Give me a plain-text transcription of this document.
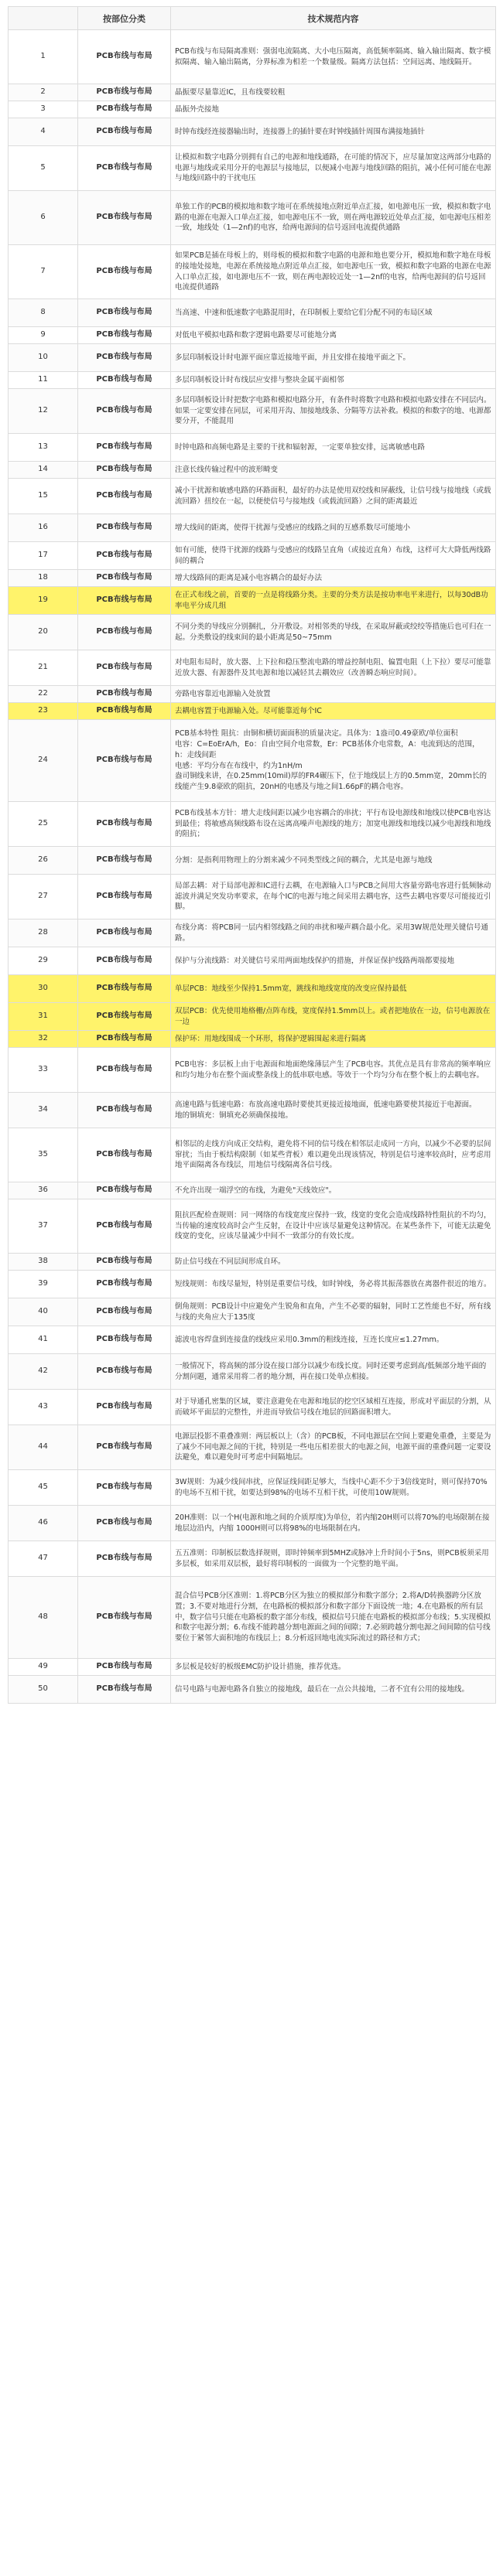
	按部位分类	技术规范内容
1	PCB布线与布局	PCB布线与布局隔离准则：强弱电流隔离、大小电压隔离，高低频率隔离、输入输出隔离、数字模拟隔离、输入输出隔离，分界标准为相差一个数量级。隔离方法包括：空间远离、地线隔开。
2	PCB布线与布局	晶振要尽量靠近IC，且布线要较粗
3	PCB布线与布局	晶振外壳接地
4	PCB布线与布局	时钟布线经连接器输出时，连接器上的插针要在时钟线插针周围布满接地插针
5	PCB布线与布局	让模拟和数字电路分别拥有自己的电源和地线通路，在可能的情况下，应尽量加宽这两部分电路的电源与地线或采用分开的电源层与接地层，以便减小电源与地线回路的阻抗，减小任何可能在电源与地线回路中的干扰电压
6	PCB布线与布局	单独工作的PCB的模拟地和数字地可在系统接地点附近单点汇接，如电源电压一致，模拟和数字电路的电源在电源入口单点汇接，如电源电压不一致，则在两电源较近处单点汇接，如电源电压相差一致，地线处（1—2nf)的电容，给两电源间的信号返回电流提供通路
7	PCB布线与布局	如果PCB是插在母板上的，则母板的模拟和数字电路的电源和地也要分开，模拟地和数字地在母板的接地处接地，电源在系统接地点附近单点汇接，如电源电压一致，模拟和数字电路的电源在电源入口单点汇接，如电源电压不一致，则在两电源较近处一1—2nf的电容，给两电源间的信号返回电流提供通路
8	PCB布线与布局	当高速、中速和低速数字电路混用时，在印制板上要给它们分配不同的布局区域
9	PCB布线与布局	对低电平模拟电路和数字逻辑电路要尽可能地分离
10	PCB布线与布局	多层印制板设计时电源平面应靠近接地平面，并且安排在接地平面之下。
11	PCB布线与布局	多层印制板设计时布线层应安排与整块金属平面相邻
12	PCB布线与布局	多层印制板设计时把数字电路和模拟电路分开，有条件时将数字电路和模拟电路安排在不同层内。如果一定要安排在同层，可采用开沟、加接地线条、分隔等方法补救。模拟的和数字的地、电源都要分开，不能混用
13	PCB布线与布局	时钟电路和高频电路是主要的干扰和辐射源，一定要单独安排，远离敏感电路
14	PCB布线与布局	注意长线传输过程中的波形畸变
15	PCB布线与布局	减小干扰源和敏感电路的环路面积，最好的办法是使用双绞线和屏蔽线，让信号线与接地线（或载流回路）扭绞在一起，以便使信号与接地线（或载流回路）之间的距离最近
16	PCB布线与布局	增大线间的距离，使得干扰源与受感应的线路之间的互感系数尽可能地小
17	PCB布线与布局	如有可能，使得干扰源的线路与受感应的线路呈直角（或接近直角）布线，这样可大大降低两线路间的耦合
18	PCB布线与布局	增大线路间的距离是减小电容耦合的最好办法
19	PCB布线与布局	在正式布线之前，首要的一点是将线路分类。主要的分类方法是按功率电平来进行，以每30dB功率电平分成几组
20	PCB布线与布局	不同分类的导线应分别捆扎，分开敷设。对相邻类的导线，在采取屏蔽或绞绞等措施后也可归在一起。分类敷设的线束间的最小距离是50~75mm
21	PCB布线与布局	对电阻布局时，放大器、上下拉和稳压整流电路的增益控制电阻、偏置电阻（上下拉）要尽可能靠近放大器、有源器件及其电源和地以减轻其去耦效应（改善瞬态响应时间）。
22	PCB布线与布局	旁路电容靠近电源输入处放置
23	PCB布线与布局	去耦电容置于电源输入处。尽可能靠近每个IC
24	PCB布线与布局	PCB基本特性 阻抗：由铜和横切面面积的质量决定。具体为：1盎司0.49豪欧/单位面积
电容：C=EoErA/h，Eo：自由空间介电常数，Er：PCB基体介电常数，A：电流到达的范围，h：走线间距
电感：平均分布在布线中，约为1nH/m
盎司铜线来讲，在0.25mm(10mil)厚的FR4碾压下，位于地线层上方的0.5mm宽，20mm长的线能产生9.8豪欧的阻抗，20nH的电感及与地之间1.66pF的耦合电容。
25	PCB布线与布局	PCB布线基本方针：增大走线间距以减少电容耦合的串扰；平行布设电源线和地线以使PCB电容达到最佳；将敏感高频线路布设在远离高噪声电源线的地方；加宽电源线和地线以减少电源线和地线的阻抗；
26	PCB布线与布局	分割：是指利用物理上的分割来减少不同类型线之间的耦合，尤其是电源与地线
27	PCB布线与布局	局部去耦：对于局部电源和IC进行去耦，在电源输入口与PCB之间用大容量旁路电容进行低频脉动滤波并满足突发功率要求，在每个IC的电源与地之间采用去耦电容，这些去耦电容要尽可能接近引脚。
28	PCB布线与布局	布线分离：将PCB同一层内相邻线路之间的串扰和噪声耦合最小化。采用3W规范处理关键信号通路。
29	PCB布线与布局	保护与分流线路：对关键信号采用两面地线保护的措施，并保证保护线路两端都要接地
30	PCB布线与布局	单层PCB：地线至少保持1.5mm宽，跳线和地线宽度的改变应保持最低
31	PCB布线与布局	双层PCB：优先使用地格栅/点阵布线，宽度保持1.5mm以上。或者把地放在一边，信号电源放在一边
32	PCB布线与布局	保护环：用地线围成一个环形，将保护逻辑围起来进行隔离
33	PCB布线与布局	PCB电容：多层板上由于电源面和地面绝缘薄层产生了PCB电容。其优点是具有非常高的频率响应和均匀地分布在整个面或整条线上的低串联电感。等效于一个均匀分布在整个板上的去耦电容。
34	PCB布线与布局	高速电路与低速电路：布放高速电路时要使其更接近接地面，低速电路要使其接近于电源面。
地的铜填充：铜填充必须确保接地。
35	PCB布线与布局	相邻层的走线方向成正交结构，避免将不同的信号线在相邻层走成同一方向，以减少不必要的层间窜扰；当由于板结构限制（如某些背板）难以避免出现该情况，特别是信号速率较高时，应考虑用地平面隔离各布线层，用地信号线隔离各信号线。
36	PCB布线与布局	不允许出现一端浮空的布线，为避免"天线效应"。
37	PCB布线与布局	阻抗匹配检查规则：同一网络的布线宽度应保持一致，线宽的变化会造成线路特性阻抗的不均匀，当传输的速度较高时会产生反射，在设计中应该尽量避免这种情况。在某些条件下，可能无法避免线宽的变化，应该尽量减少中间不一致部分的有效长度。
38	PCB布线与布局	防止信号线在不同层间形成自环。
39	PCB布线与布局	短线规则：布线尽量短，特别是重要信号线，如时钟线，务必将其振荡器放在离器件很近的地方。
40	PCB布线与布局	倒角规则：PCB设计中应避免产生锐角和直角，产生不必要的辐射，同时工艺性能也不好，所有线与线的夹角应大于135度
41	PCB布线与布局	滤波电容焊盘到连接盘的线线应采用0.3mm的粗线连接，互连长度应≤1.27mm。
42	PCB布线与布局	一般情况下，将高频的部分设在接口部分以减少布线长度。同时还要考虑到高/低频部分地平面的分割问题，通常采用将二者的地分割，再在接口处单点相接。
43	PCB布线与布局	对于导通孔密集的区域，要注意避免在电源和地层的挖空区域相互连接，形成对平面层的分割，从而破坏平面层的完整性，并进而导致信号线在地层的回路面积增大。
44	PCB布线与布局	电源层投影不重叠准则：两层板以上（含）的PCB板，不同电源层在空间上要避免重叠，主要是为了减少不同电源之间的干扰，特别是一些电压相差很大的电源之间，电源平面的重叠问题一定要设法避免，难以避免时可考虑中间隔地层。
45	PCB布线与布局	3W规则：为减少线间串扰，应保证线间距足够大，当线中心距不少于3倍线宽时，则可保持70%的电场不互相干扰，如要达到98%的电场不互相干扰，可使用10W规则。
46	PCB布线与布局	20H准则：以一个H(电源和地之间的介质厚度)为单位，若内缩20H则可以将70%的电场限制在接地层边沿内，内缩 1000H则可以将98%的电场限制在内。
47	PCB布线与布局	五五准则：印制板层数选择规则，即时钟频率到5MHZ或脉冲上升时间小于5ns，则PCB板须采用多层板，如采用双层板，最好将印制板的一面做为一个完整的地平面。
48	PCB布线与布局	混合信号PCB分区准则：1.将PCB分区为独立的模拟部分和数字部分；2.将A/D转换器跨分区放置；3.不要对地进行分割，在电路板的模拟部分和数字部分下面设统一地；4.在电路板的所有层中，数字信号只能在电路板的数字部分布线，模拟信号只能在电路板的模拟部分布线；5.实现模拟和数字电源分割；6.布线不能跨越分割电源面之间的间隙；7.必须跨越分割电源之间间隙的信号线要位于紧邻大面积地的布线层上；8.分析返回地电流实际流过的路径和方式；
49	PCB布线与布局	多层板是较好的板级EMC防护设计措施，推荐优选。
50	PCB布线与布局	信号电路与电源电路各自独立的接地线，最后在一点公共接地，二者不宜有公用的接地线。
